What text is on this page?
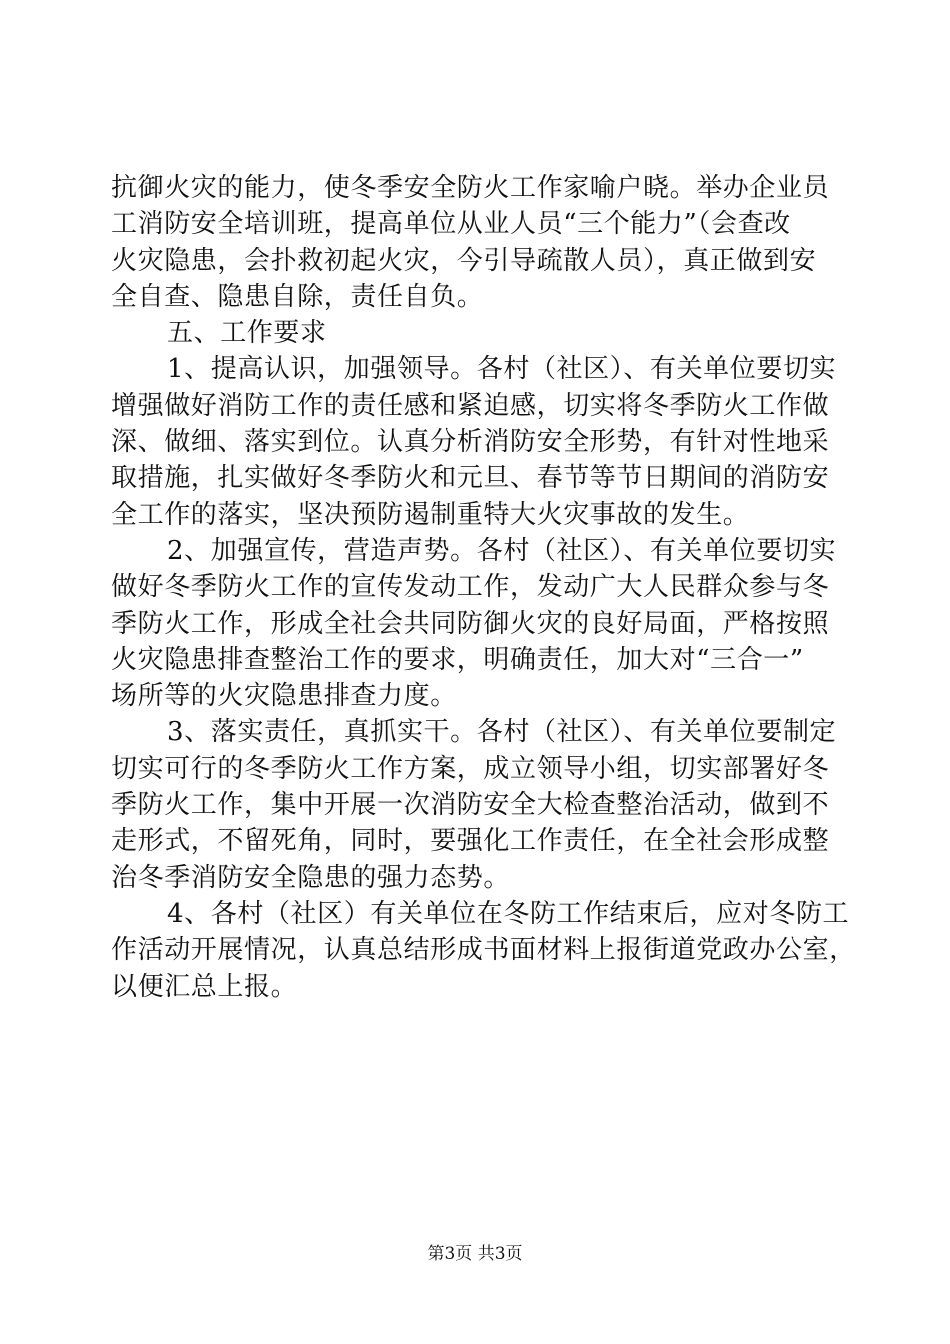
抗御火灾的能力，使冬季安全防火工作家喻户晓。举办企业员
工消防安全培训班，提高单位从业人员“三个能力”（会查改
火灾隐患，会扑救初起火灾，今引导疏散人员），真正做到安
全自查、隐患自除，责任自负。
五、工作要求
1、提高认识，加强领导。各村（社区）、有关单位要切实
增强做好消防工作的责任感和紧迫感，切实将冬季防火工作做
深、做细、落实到位。认真分析消防安全形势，有针对性地采
取措施，扎实做好冬季防火和元旦、春节等节日期间的消防安
全工作的落实，坚决预防遏制重特大火灾事故的发生。
2、加强宣传，营造声势。各村（社区）、有关单位要切实
做好冬季防火工作的宣传发动工作，发动广大人民群众参与冬
季防火工作，形成全社会共同防御火灾的良好局面，严格按照
火灾隐患排查整治工作的要求，明确责任，加大对“三合一”
场所等的火灾隐患排查力度。
3、落实责任，真抓实干。各村（社区）、有关单位要制定
切实可行的冬季防火工作方案，成立领导小组，切实部署好冬
季防火工作，集中开展一次消防安全大检查整治活动，做到不
走形式，不留死角，同时，要强化工作责任，在全社会形成整
治冬季消防安全隐患的强力态势。
4、各村（社区）有关单位在冬防工作结束后，应对冬防工
作活动开展情况，认真总结形成书面材料上报街道党政办公室，
以便汇总上报。
第3页 共3页
